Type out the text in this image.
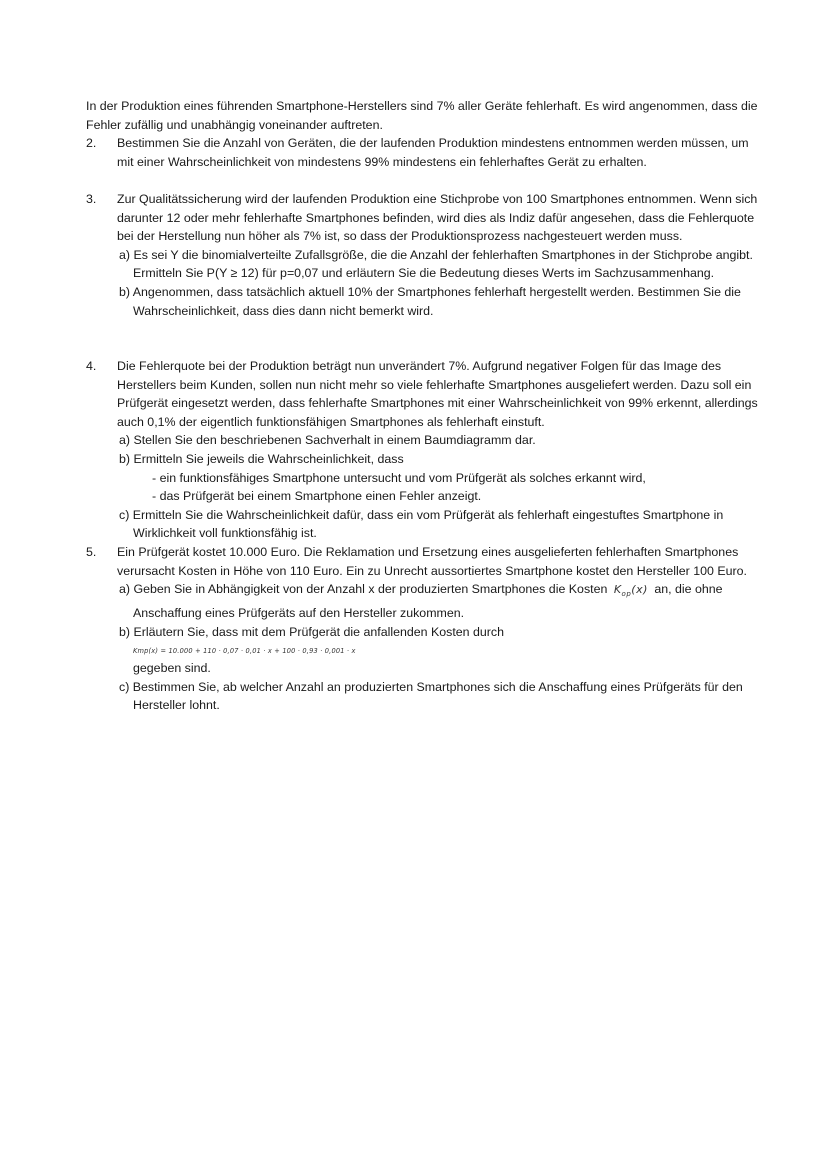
In der Produktion eines führenden Smartphone-Herstellers sind 7% aller Geräte fehlerhaft. Es wird angenommen, dass die Fehler zufällig und unabhängig voneinander auftreten.
2.	Bestimmen Sie die Anzahl von Geräten, die der laufenden Produktion mindestens entnommen werden müssen, um mit einer Wahrscheinlichkeit von mindestens 99% mindestens ein fehlerhaftes Gerät zu erhalten.
3.	Zur Qualitätssicherung wird der laufenden Produktion eine Stichprobe von 100 Smartphones entnommen. Wenn sich darunter 12 oder mehr fehlerhafte Smartphones befinden, wird dies als Indiz dafür angesehen, dass die Fehlerquote bei der Herstellung nun höher als 7% ist, so dass der Produktionsprozess nachgesteuert werden muss.
a) Es sei Y die binomialverteilte Zufallsgröße, die die Anzahl der fehlerhaften Smartphones in der Stichprobe angibt. Ermitteln Sie P(Y ≥ 12) für p=0,07 und erläutern Sie die Bedeutung dieses Werts im Sachzusammenhang.
b) Angenommen, dass tatsächlich aktuell 10% der Smartphones fehlerhaft hergestellt werden. Bestimmen Sie die Wahrscheinlichkeit, dass dies dann nicht bemerkt wird.
4.	Die Fehlerquote bei der Produktion beträgt nun unverändert 7%. Aufgrund negativer Folgen für das Image des Herstellers beim Kunden, sollen nun nicht mehr so viele fehlerhafte Smartphones ausgeliefert werden. Dazu soll ein Prüfgerät eingesetzt werden, dass fehlerhafte Smartphones mit einer Wahrscheinlichkeit von 99% erkennt, allerdings auch 0,1% der eigentlich funktionsfähigen Smartphones als fehlerhaft einstuft.
a) Stellen Sie den beschriebenen Sachverhalt in einem Baumdiagramm dar.
b) Ermitteln Sie jeweils die Wahrscheinlichkeit, dass
- ein funktionsfähiges Smartphone untersucht und vom Prüfgerät als solches erkannt wird,
- das Prüfgerät bei einem Smartphone einen Fehler anzeigt.
c) Ermitteln Sie die Wahrscheinlichkeit dafür, dass ein vom Prüfgerät als fehlerhaft eingestuftes Smartphone in Wirklichkeit voll funktionsfähig ist.
5.	Ein Prüfgerät kostet 10.000 Euro. Die Reklamation und Ersetzung eines ausgelieferten fehlerhaften Smartphones verursacht Kosten in Höhe von 110 Euro. Ein zu Unrecht aussortiertes Smartphone kostet den Hersteller 100 Euro.
a) Geben Sie in Abhängigkeit von der Anzahl x der produzierten Smartphones die Kosten $K_{op}(x)$ an, die ohne Anschaffung eines Prüfgeräts auf den Hersteller zukommen.
b) Erläutern Sie, dass mit dem Prüfgerät die anfallenden Kosten durch
Kmp(x) = 10.000 + 110 · 0,07 · 0,01 · x + 100 · 0,93 · 0,001 · x
gegeben sind.
c) Bestimmen Sie, ab welcher Anzahl an produzierten Smartphones sich die Anschaffung eines Prüfgeräts für den Hersteller lohnt.
